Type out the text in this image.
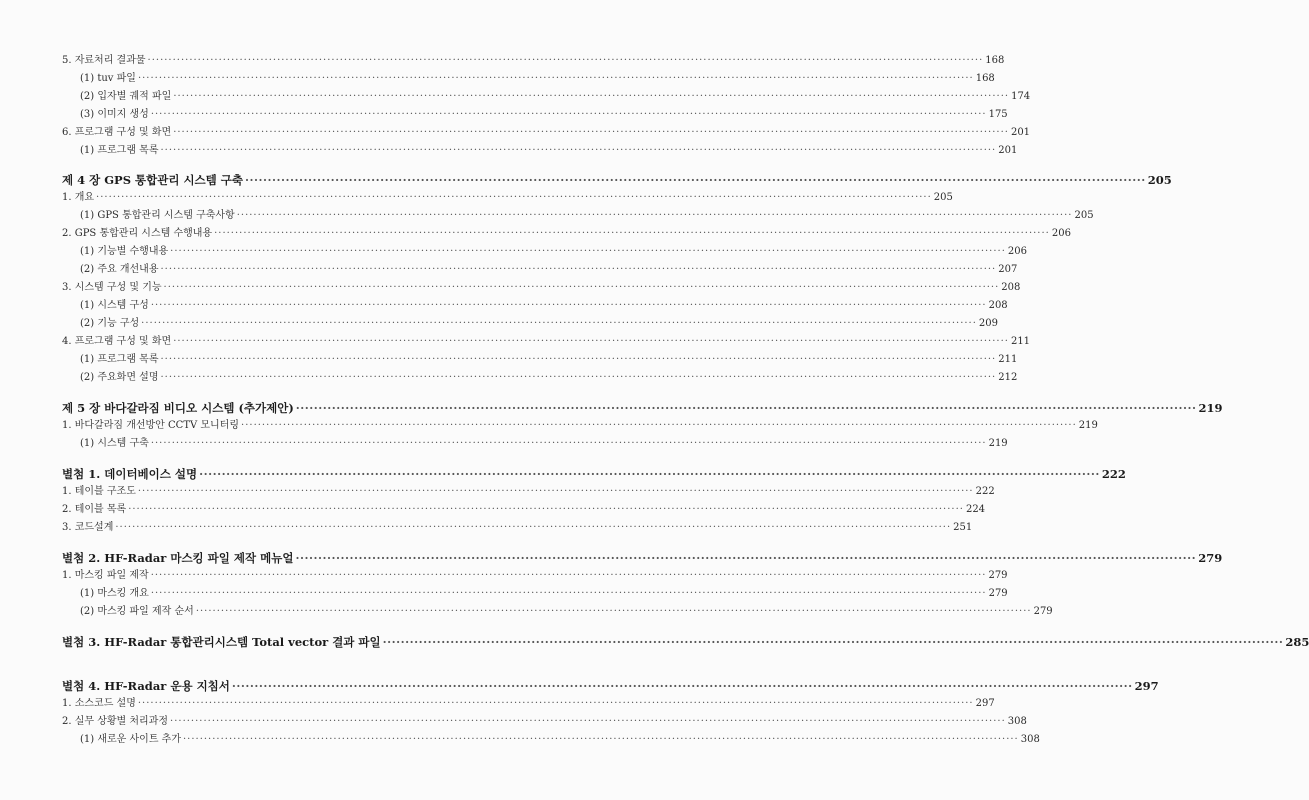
5. 자료처리 결과물 ········································································································································································································ 168
(1) tuv 파일 ········································································································································································································ 168
(2) 입자별 궤적 파일 ········································································································································································································ 174
(3) 이미지 생성 ········································································································································································································ 175
6. 프로그램 구성 및 화면 ········································································································································································································ 201
(1) 프로그램 목록 ········································································································································································································ 201
제 4 장 GPS 통합관리 시스템 구축 ········································································································································································································ 205
1. 개요 ········································································································································································································ 205
(1) GPS 통합관리 시스템 구축사항 ········································································································································································································ 205
2. GPS 통합관리 시스템 수행내용 ········································································································································································································ 206
(1) 기능별 수행내용 ········································································································································································································ 206
(2) 주요 개선내용 ········································································································································································································ 207
3. 시스템 구성 및 기능 ········································································································································································································ 208
(1) 시스템 구성 ········································································································································································································ 208
(2) 기능 구성 ········································································································································································································ 209
4. 프로그램 구성 및 화면 ········································································································································································································ 211
(1) 프로그램 목록 ········································································································································································································ 211
(2) 주요화면 설명 ········································································································································································································ 212
제 5 장 바다갈라짐 비디오 시스템 (추가제안) ········································································································································································································ 219
1. 바다갈라짐 개선방안 CCTV 모니터링 ········································································································································································································ 219
(1) 시스템 구축 ········································································································································································································ 219
별첨 1. 데이터베이스 설명 ········································································································································································································ 222
1. 테이블 구조도 ········································································································································································································ 222
2. 테이블 목록 ········································································································································································································ 224
3. 코드설계 ········································································································································································································ 251
별첨 2. HF-Radar 마스킹 파일 제작 메뉴얼 ········································································································································································································ 279
1. 마스킹 파일 제작 ········································································································································································································ 279
(1) 마스킹 개요 ········································································································································································································ 279
(2) 마스킹 파일 제작 순서 ········································································································································································································ 279
별첨 3. HF-Radar 통합관리시스템 Total vector 결과 파일 ········································································································································································································ 285
별첨 4. HF-Radar 운용 지침서 ········································································································································································································ 297
1. 소스코드 설명 ········································································································································································································ 297
2. 실무 상황별 처리과정 ········································································································································································································ 308
(1) 새로운 사이트 추가 ········································································································································································································ 308
